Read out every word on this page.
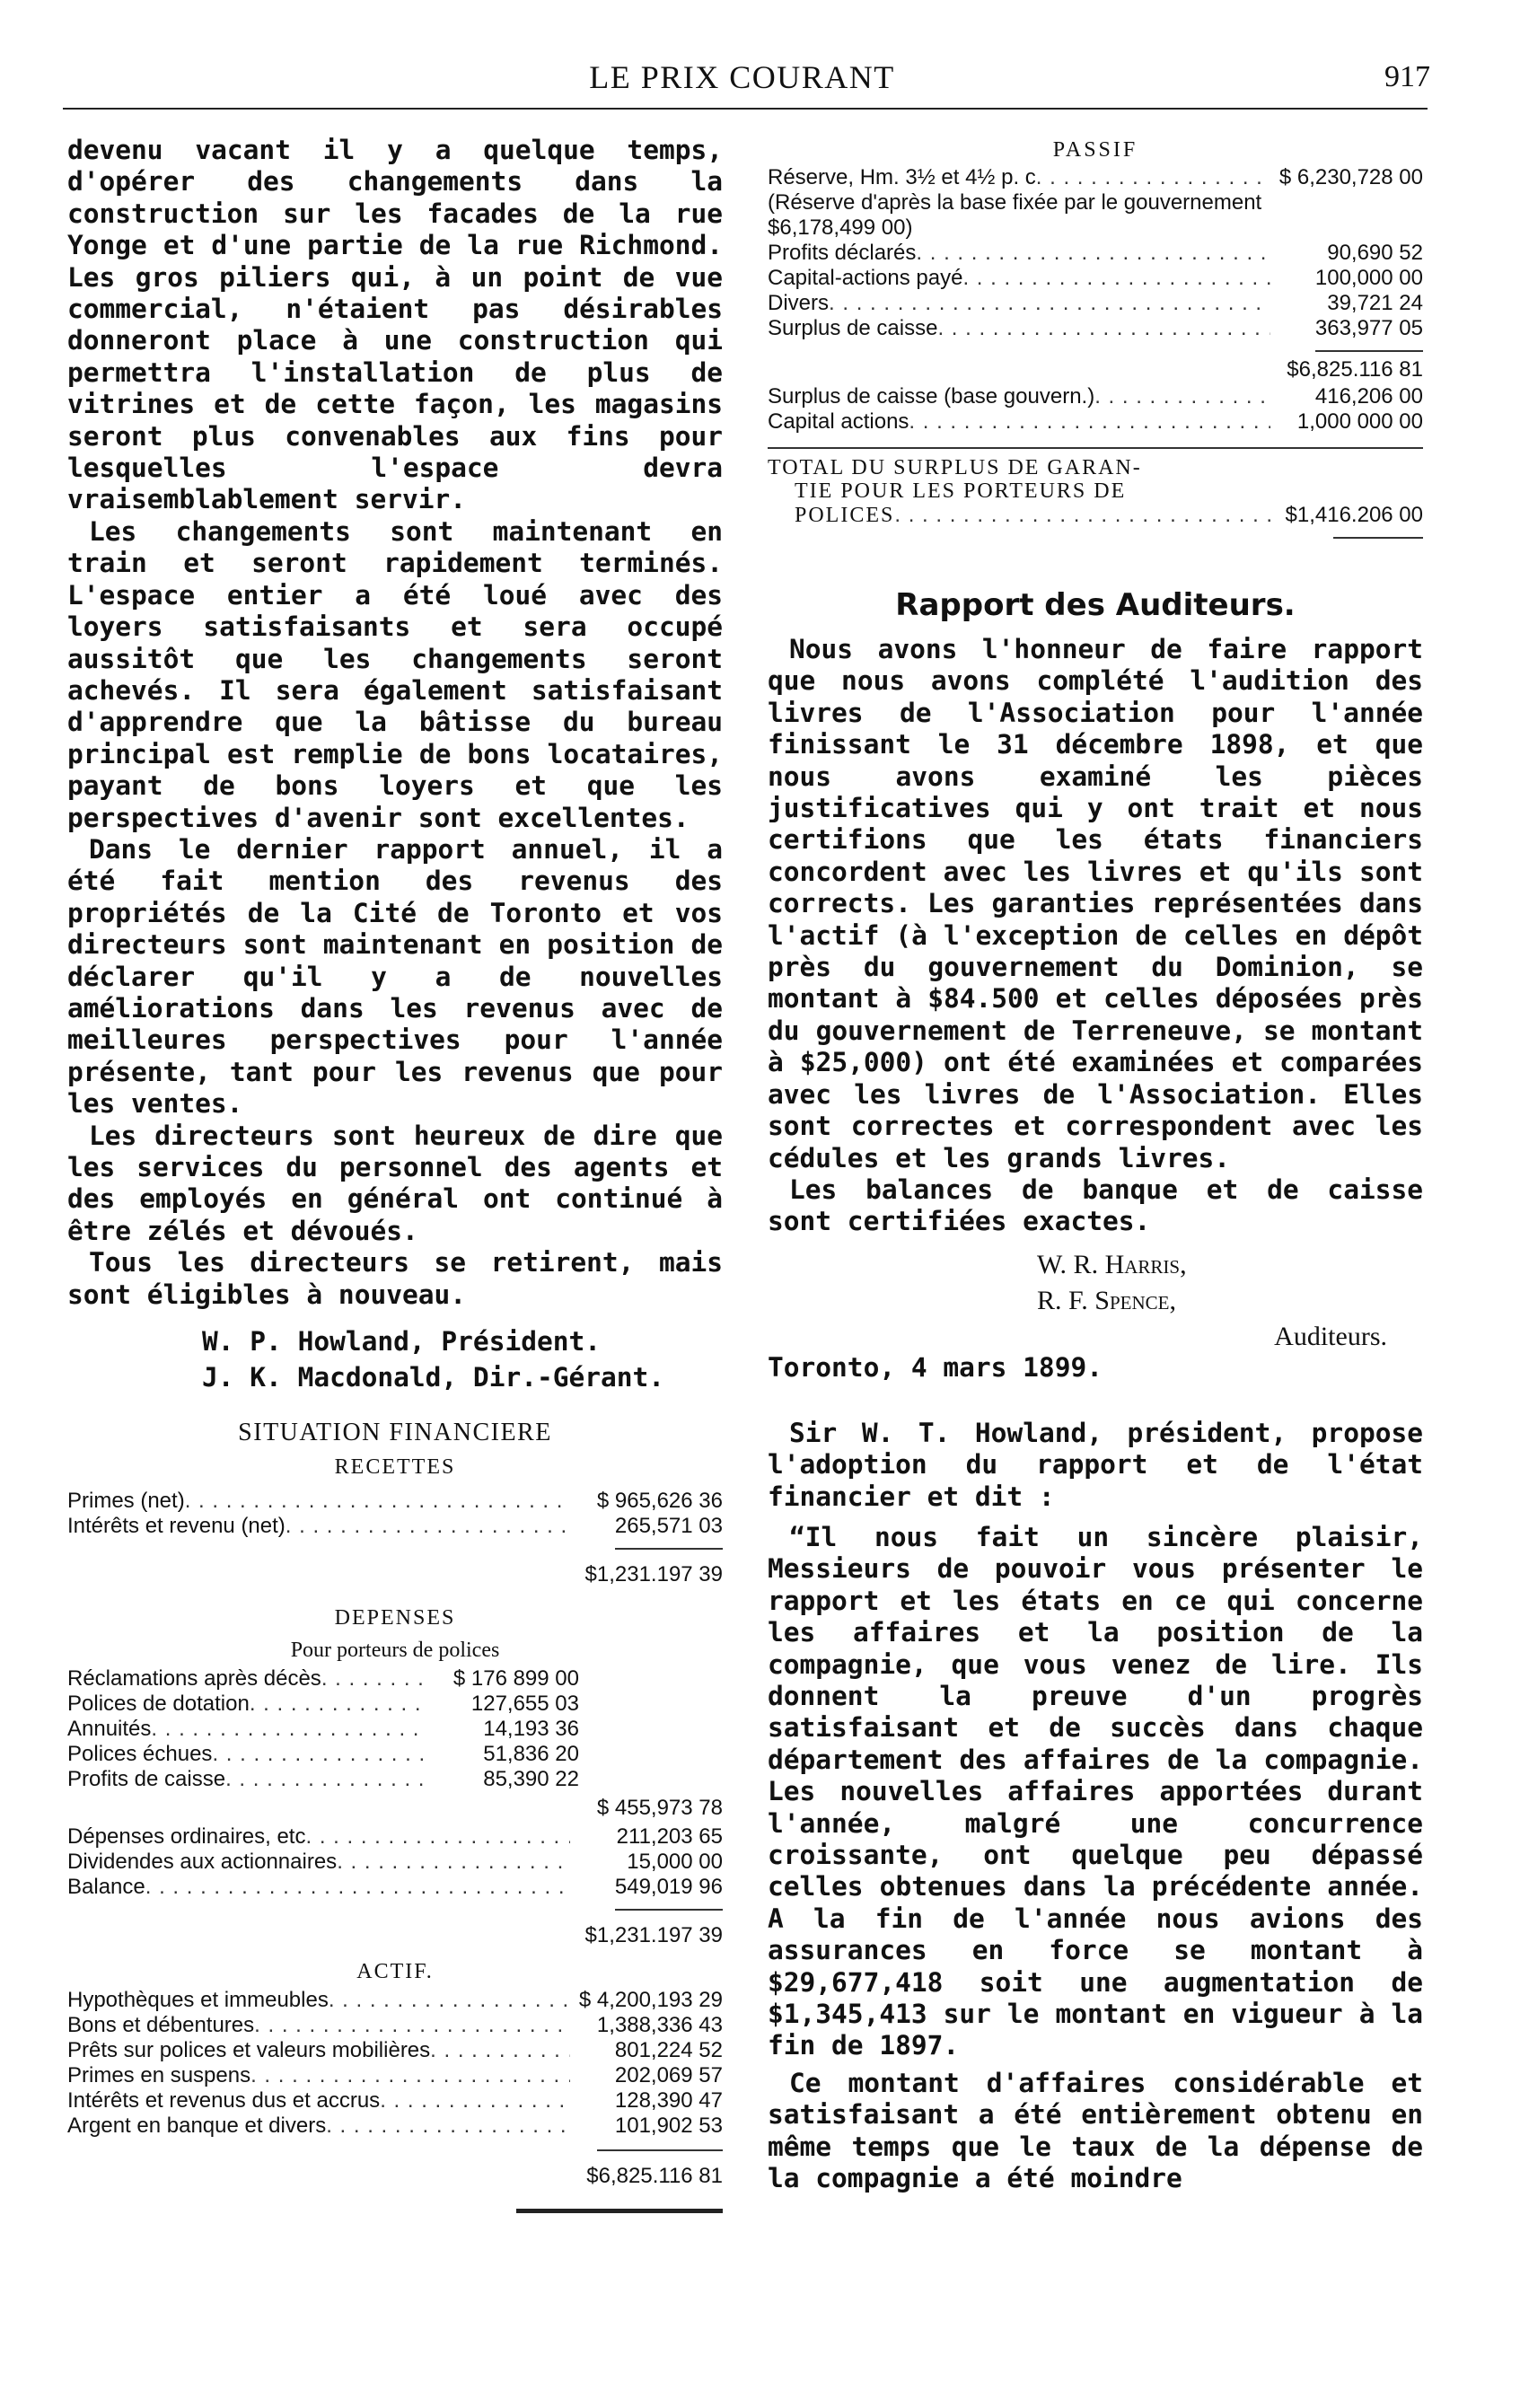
LE PRIX COURANT	917

devenu vacant il y a quelque temps, d'opérer des changements dans la construction sur les facades de la rue Yonge et d'une partie de la rue Richmond. Les gros piliers qui, à un point de vue commercial, n'étaient pas désirables donneront place à une construction qui permettra l'installation de plus de vitrines et de cette façon, les magasins seront plus convenables aux fins pour lesquelles l'espace devra vraisemblablement servir.

Les changements sont maintenant en train et seront rapidement terminés. L'espace entier a été loué avec des loyers satisfaisants et sera occupé aussitôt que les changements seront achevés. Il sera également satisfaisant d'apprendre que la bâtisse du bureau principal est remplie de bons locataires, payant de bons loyers et que les perspectives d'avenir sont excellentes.

Dans le dernier rapport annuel, il a été fait mention des revenus des propriétés de la Cité de Toronto et vos directeurs sont maintenant en position de déclarer qu'il y a de nouvelles améliorations dans les revenus avec de meilleures perspectives pour l'année présente, tant pour les revenus que pour les ventes.

Les directeurs sont heureux de dire que les services du personnel des agents et des employés en général ont continué à être zélés et dévoués.

Tous les directeurs se retirent, mais sont éligibles à nouveau.

W. P. Howland, Président.
J. K. Macdonald, Dir.-Gérant.
SITUATION FINANCIERE
RECETTES
Primes (net) . . .	$ 965,626 36
Intérêts et revenu (net) . . .	265,571 03
$1,231.197 39
DEPENSES
Pour porteurs de polices
Réclamations après décès . . .	$ 176 899 00
Polices de dotation . . .	127,655 03
Annuités . . .	14,193 36
Polices échues . . .	51,836 20
Profits de caisse . . .	85,390 22
$ 455,973 78
Dépenses ordinaires, etc . . .	211,203 65
Dividendes aux actionnaires . . .	15,000 00
Balance . . .	549,019 96
$1,231.197 39
ACTIF.
Hypothèques et immeubles . . .	$ 4,200,193 29
Bons et débentures . . .	1,388,336 43
Prêts sur polices et valeurs mobilières . . .	801,224 52
Primes en suspens . . .	202,069 57
Intérêts et revenus dus et accrus . . .	128,390 47
Argent en banque et divers . . .	101,902 53
$6,825.116 81
PASSIF
Réserve, Hm. 3½ et 4½ p. c . . .	$ 6,230,728 00
(Réserve d'après la base fixée par le gouvernement $6,178,499 00)
Profits déclarés . . .	90,690 52
Capital-actions payé . . .	100,000 00
Divers . . .	39,721 24
Surplus de caisse . . .	363,977 05
$6,825.116 81
Surplus de caisse (base gouvern.) . . .	416,206 00
Capital actions . . .	1,000 000 00
TOTAL DU SURPLUS DE GARAN-
TIE POUR LES PORTEURS DE
POLICES . . .	$1,416.206 00
Rapport des Auditeurs.

Nous avons l'honneur de faire rapport que nous avons complété l'audition des livres de l'Association pour l'année finissant le 31 décembre 1898, et que nous avons examiné les pièces justificatives qui y ont trait et nous certifions que les états financiers concordent avec les livres et qu'ils sont corrects. Les garanties représentées dans l'actif (à l'exception de celles en dépôt près du gouvernement du Dominion, se montant à $84.500 et celles déposées près du gouvernement de Terreneuve, se montant à $25,000) ont été examinées et comparées avec les livres de l'Association. Elles sont correctes et correspondent avec les cédules et les grands livres.

Les balances de banque et de caisse sont certifiées exactes.

W. R. Harris,
R. F. Spence,
Auditeurs.
Toronto, 4 mars 1899.

Sir W. T. Howland, président, propose l'adoption du rapport et de l'état financier et dit :

“Il nous fait un sincère plaisir, Messieurs de pouvoir vous présenter le rapport et les états en ce qui concerne les affaires et la position de la compagnie, que vous venez de lire. Ils donnent la preuve d'un progrès satisfaisant et de succès dans chaque département des affaires de la compagnie. Les nouvelles affaires apportées durant l'année, malgré une concurrence croissante, ont quelque peu dépassé celles obtenues dans la précédente année. A la fin de l'année nous avions des assurances en force se montant à $29,677,418 soit une augmentation de $1,345,413 sur le montant en vigueur à la fin de 1897.

Ce montant d'affaires considérable et satisfaisant a été entièrement obtenu en même temps que le taux de la dépense de la compagnie a été moindre
